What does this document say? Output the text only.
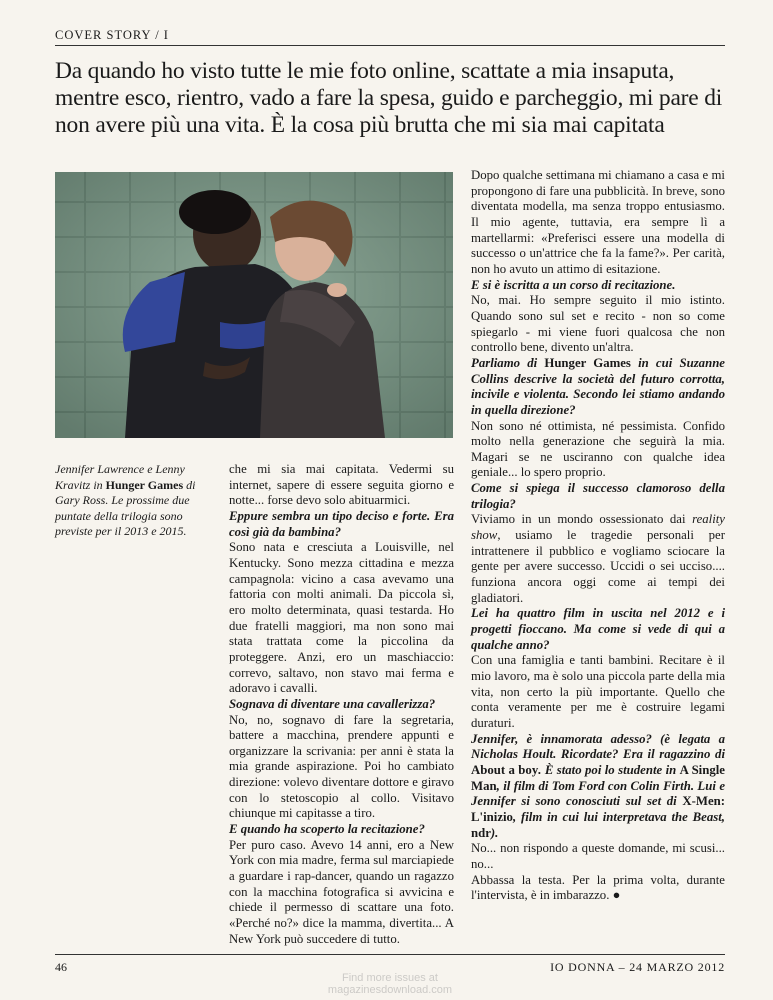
COVER STORY / I
Da quando ho visto tutte le mie foto online, scattate a mia insaputa, mentre esco, rientro, vado a fare la spesa, guido e parcheggio, mi pare di non avere più una vita. È la cosa più brutta che mi sia mai capitata
Jennifer Lawrence e Lenny Kravitz in Hunger Games di Gary Ross. Le prossime due puntate della trilogia sono previste per il 2013 e 2015.

che mi sia mai capitata. Vedermi su internet, sapere di essere seguita giorno e notte... forse devo solo abituarmici.

Eppure sembra un tipo deciso e forte. Era così già da bambina?

Sono nata e cresciuta a Louisville, nel Kentucky. Sono mezza cittadina e mezza campagnola: vicino a casa avevamo una fattoria con molti animali. Da piccola sì, ero molto determinata, quasi testarda. Ho due fratelli maggiori, ma non sono mai stata trattata come la piccolina da proteggere. Anzi, ero un maschiaccio: correvo, saltavo, non stavo mai ferma e adoravo i cavalli.

Sognava di diventare una cavallerizza?

No, no, sognavo di fare la segretaria, battere a macchina, prendere appunti e organizzare la scrivania: per anni è stata la mia grande aspirazione. Poi ho cambiato direzione: volevo diventare dottore e giravo con lo stetoscopio al collo. Visitavo chiunque mi capitasse a tiro.

E quando ha scoperto la recitazione?

Per puro caso. Avevo 14 anni, ero a New York con mia madre, ferma sul marciapiede a guardare i rap-dancer, quando un ragazzo con la macchina fotografica si avvicina e chiede il permesso di scattare una foto. «Perché no?» dice la mamma, divertita... A New York può succedere di tutto.

Dopo qualche settimana mi chiamano a casa e mi propongono di fare una pubblicità. In breve, sono diventata modella, ma senza troppo entusiasmo. Il mio agente, tuttavia, era sempre lì a martellarmi: «Preferisci essere una modella di successo o un'attrice che fa la fame?». Per carità, non ho avuto un attimo di esitazione.

E si è iscritta a un corso di recitazione.

No, mai. Ho sempre seguito il mio istinto. Quando sono sul set e recito - non so come spiegarlo - mi viene fuori qualcosa che non controllo bene, divento un'altra.

Parliamo di Hunger Games in cui Suzanne Collins descrive la società del futuro corrotta, incivile e violenta. Secondo lei stiamo andando in quella direzione?

Non sono né ottimista, né pessimista. Confido molto nella generazione che seguirà la mia. Magari se ne usciranno con qualche idea geniale... lo spero proprio.

Come si spiega il successo clamoroso della trilogia?

Viviamo in un mondo ossessionato dai reality show, usiamo le tragedie personali per intrattenere il pubblico e vogliamo sciocare la gente per avere successo. Uccidi o sei ucciso.... funziona ancora oggi come ai tempi dei gladiatori.

Lei ha quattro film in uscita nel 2012 e i progetti fioccano. Ma come si vede di qui a qualche anno?

Con una famiglia e tanti bambini. Recitare è il mio lavoro, ma è solo una piccola parte della mia vita, non certo la più importante. Quello che conta veramente per me è costruire legami duraturi.

Jennifer, è innamorata adesso? (è legata a Nicholas Hoult. Ricordate? Era il ragazzino di About a boy. È stato poi lo studente in A Single Man, il film di Tom Ford con Colin Firth. Lui e Jennifer si sono conosciuti sul set di X-Men: L'inizio, film in cui lui interpretava the Beast, ndr).

No... non rispondo a queste domande, mi scusi... no...

Abbassa la testa. Per la prima volta, durante l'intervista, è in imbarazzo. ●

46	IO DONNA – 24 MARZO 2012
Find more issues at
magazinesdownload.com
